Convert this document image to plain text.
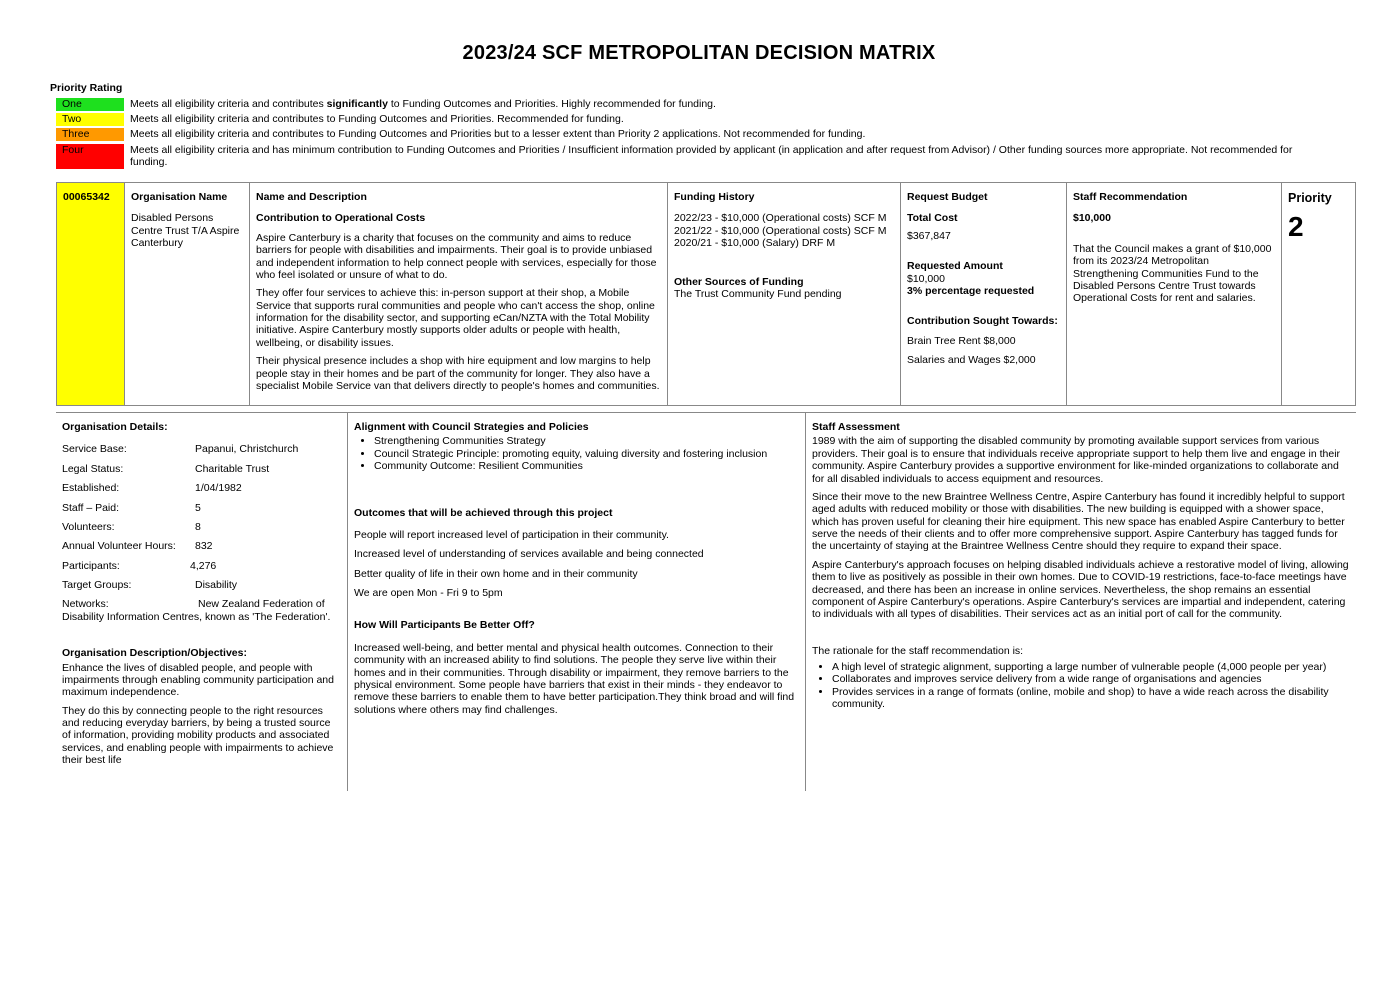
2023/24 SCF METROPOLITAN DECISION MATRIX
Priority Rating
One	Meets all eligibility criteria and contributes significantly to Funding Outcomes and Priorities. Highly recommended for funding.
Two	Meets all eligibility criteria and contributes to Funding Outcomes and Priorities. Recommended for funding.
Three	Meets all eligibility criteria and contributes to Funding Outcomes and Priorities but to a lesser extent than Priority 2 applications. Not recommended for funding.
Four	Meets all eligibility criteria and has minimum contribution to Funding Outcomes and Priorities / Insufficient information provided by applicant (in application and after request from Advisor) / Other funding sources more appropriate. Not recommended for funding.
00065342	Organisation Name
Disabled Persons Centre Trust T/A Aspire Canterbury
Name and Description
Contribution to Operational Costs

Aspire Canterbury is a charity that focuses on the community and aims to reduce barriers for people with disabilities and impairments. Their goal is to provide unbiased and independent information to help connect people with services, especially for those who feel isolated or unsure of what to do.

They offer four services to achieve this: in-person support at their shop, a Mobile Service that supports rural communities and people who can't access the shop, online information for the disability sector, and supporting eCan/NZTA with the Total Mobility initiative. Aspire Canterbury mostly supports older adults or people with health, wellbeing, or disability issues.

Their physical presence includes a shop with hire equipment and low margins to help people stay in their homes and be part of the community for longer. They also have a specialist Mobile Service van that delivers directly to people's homes and communities.

Funding History
2022/23 - $10,000 (Operational costs) SCF M
2021/22 - $10,000 (Operational costs) SCF M
2020/21 - $10,000 (Salary) DRF M
Other Sources of Funding
The Trust Community Fund pending
Request Budget
Total Cost
$367,847
Requested Amount
$10,000
3% percentage requested
Contribution Sought Towards:
Brain Tree Rent $8,000
Salaries and Wages $2,000
Staff Recommendation
$10,000
That the Council makes a grant of $10,000 from its 2023/24 Metropolitan Strengthening Communities Fund to the Disabled Persons Centre Trust towards Operational Costs for rent and salaries.
Priority
2
Organisation Details:
Service Base:	Papanui, Christchurch
Legal Status:	Charitable Trust
Established:	1/04/1982
Staff – Paid:	5
Volunteers:	8
Annual Volunteer Hours:	832
Participants:	4,276
Target Groups:	Disability
Networks:	New Zealand Federation of Disability Information Centres, known as 'The Federation'.
Organisation Description/Objectives:

Enhance the lives of disabled people, and people with impairments through enabling community participation and maximum independence.

They do this by connecting people to the right resources and reducing everyday barriers, by being a trusted source of information, providing mobility products and associated services, and enabling people with impairments to achieve their best life

Alignment with Council Strategies and Policies
• Strengthening Communities Strategy
• Council Strategic Principle: promoting equity, valuing diversity and fostering inclusion
• Community Outcome: Resilient Communities
Outcomes that will be achieved through this project
People will report increased level of participation in their community.
Increased level of understanding of services available and being connected
Better quality of life in their own home and in their community
We are open Mon - Fri 9 to 5pm
How Will Participants Be Better Off?
Increased well-being, and better mental and physical health outcomes. Connection to their community with an increased ability to find solutions. The people they serve live within their homes and in their communities. Through disability or impairment, they remove barriers to the physical environment. Some people have barriers that exist in their minds - they endeavor to remove these barriers to enable them to have better participation.They think broad and will find solutions where others may find challenges.
Staff Assessment

1989 with the aim of supporting the disabled community by promoting available support services from various providers. Their goal is to ensure that individuals receive appropriate support to help them live and engage in their community. Aspire Canterbury provides a supportive environment for like-minded organizations to collaborate and for all disabled individuals to access equipment and resources.

Since their move to the new Braintree Wellness Centre, Aspire Canterbury has found it incredibly helpful to support aged adults with reduced mobility or those with disabilities. The new building is equipped with a shower space, which has proven useful for cleaning their hire equipment. This new space has enabled Aspire Canterbury to better serve the needs of their clients and to offer more comprehensive support. Aspire Canterbury has tagged funds for the uncertainty of staying at the Braintree Wellness Centre should they require to expand their space.

Aspire Canterbury's approach focuses on helping disabled individuals achieve a restorative model of living, allowing them to live as positively as possible in their own homes. Due to COVID-19 restrictions, face-to-face meetings have decreased, and there has been an increase in online services. Nevertheless, the shop remains an essential component of Aspire Canterbury's operations. Aspire Canterbury's services are impartial and independent, catering to individuals with all types of disabilities. Their services act as an initial port of call for the community.

The rationale for the staff recommendation is:
• A high level of strategic alignment, supporting a large number of vulnerable people (4,000 people per year)
• Collaborates and improves service delivery from a wide range of organisations and agencies
• Provides services in a range of formats (online, mobile and shop) to have a wide reach across the disability community.
